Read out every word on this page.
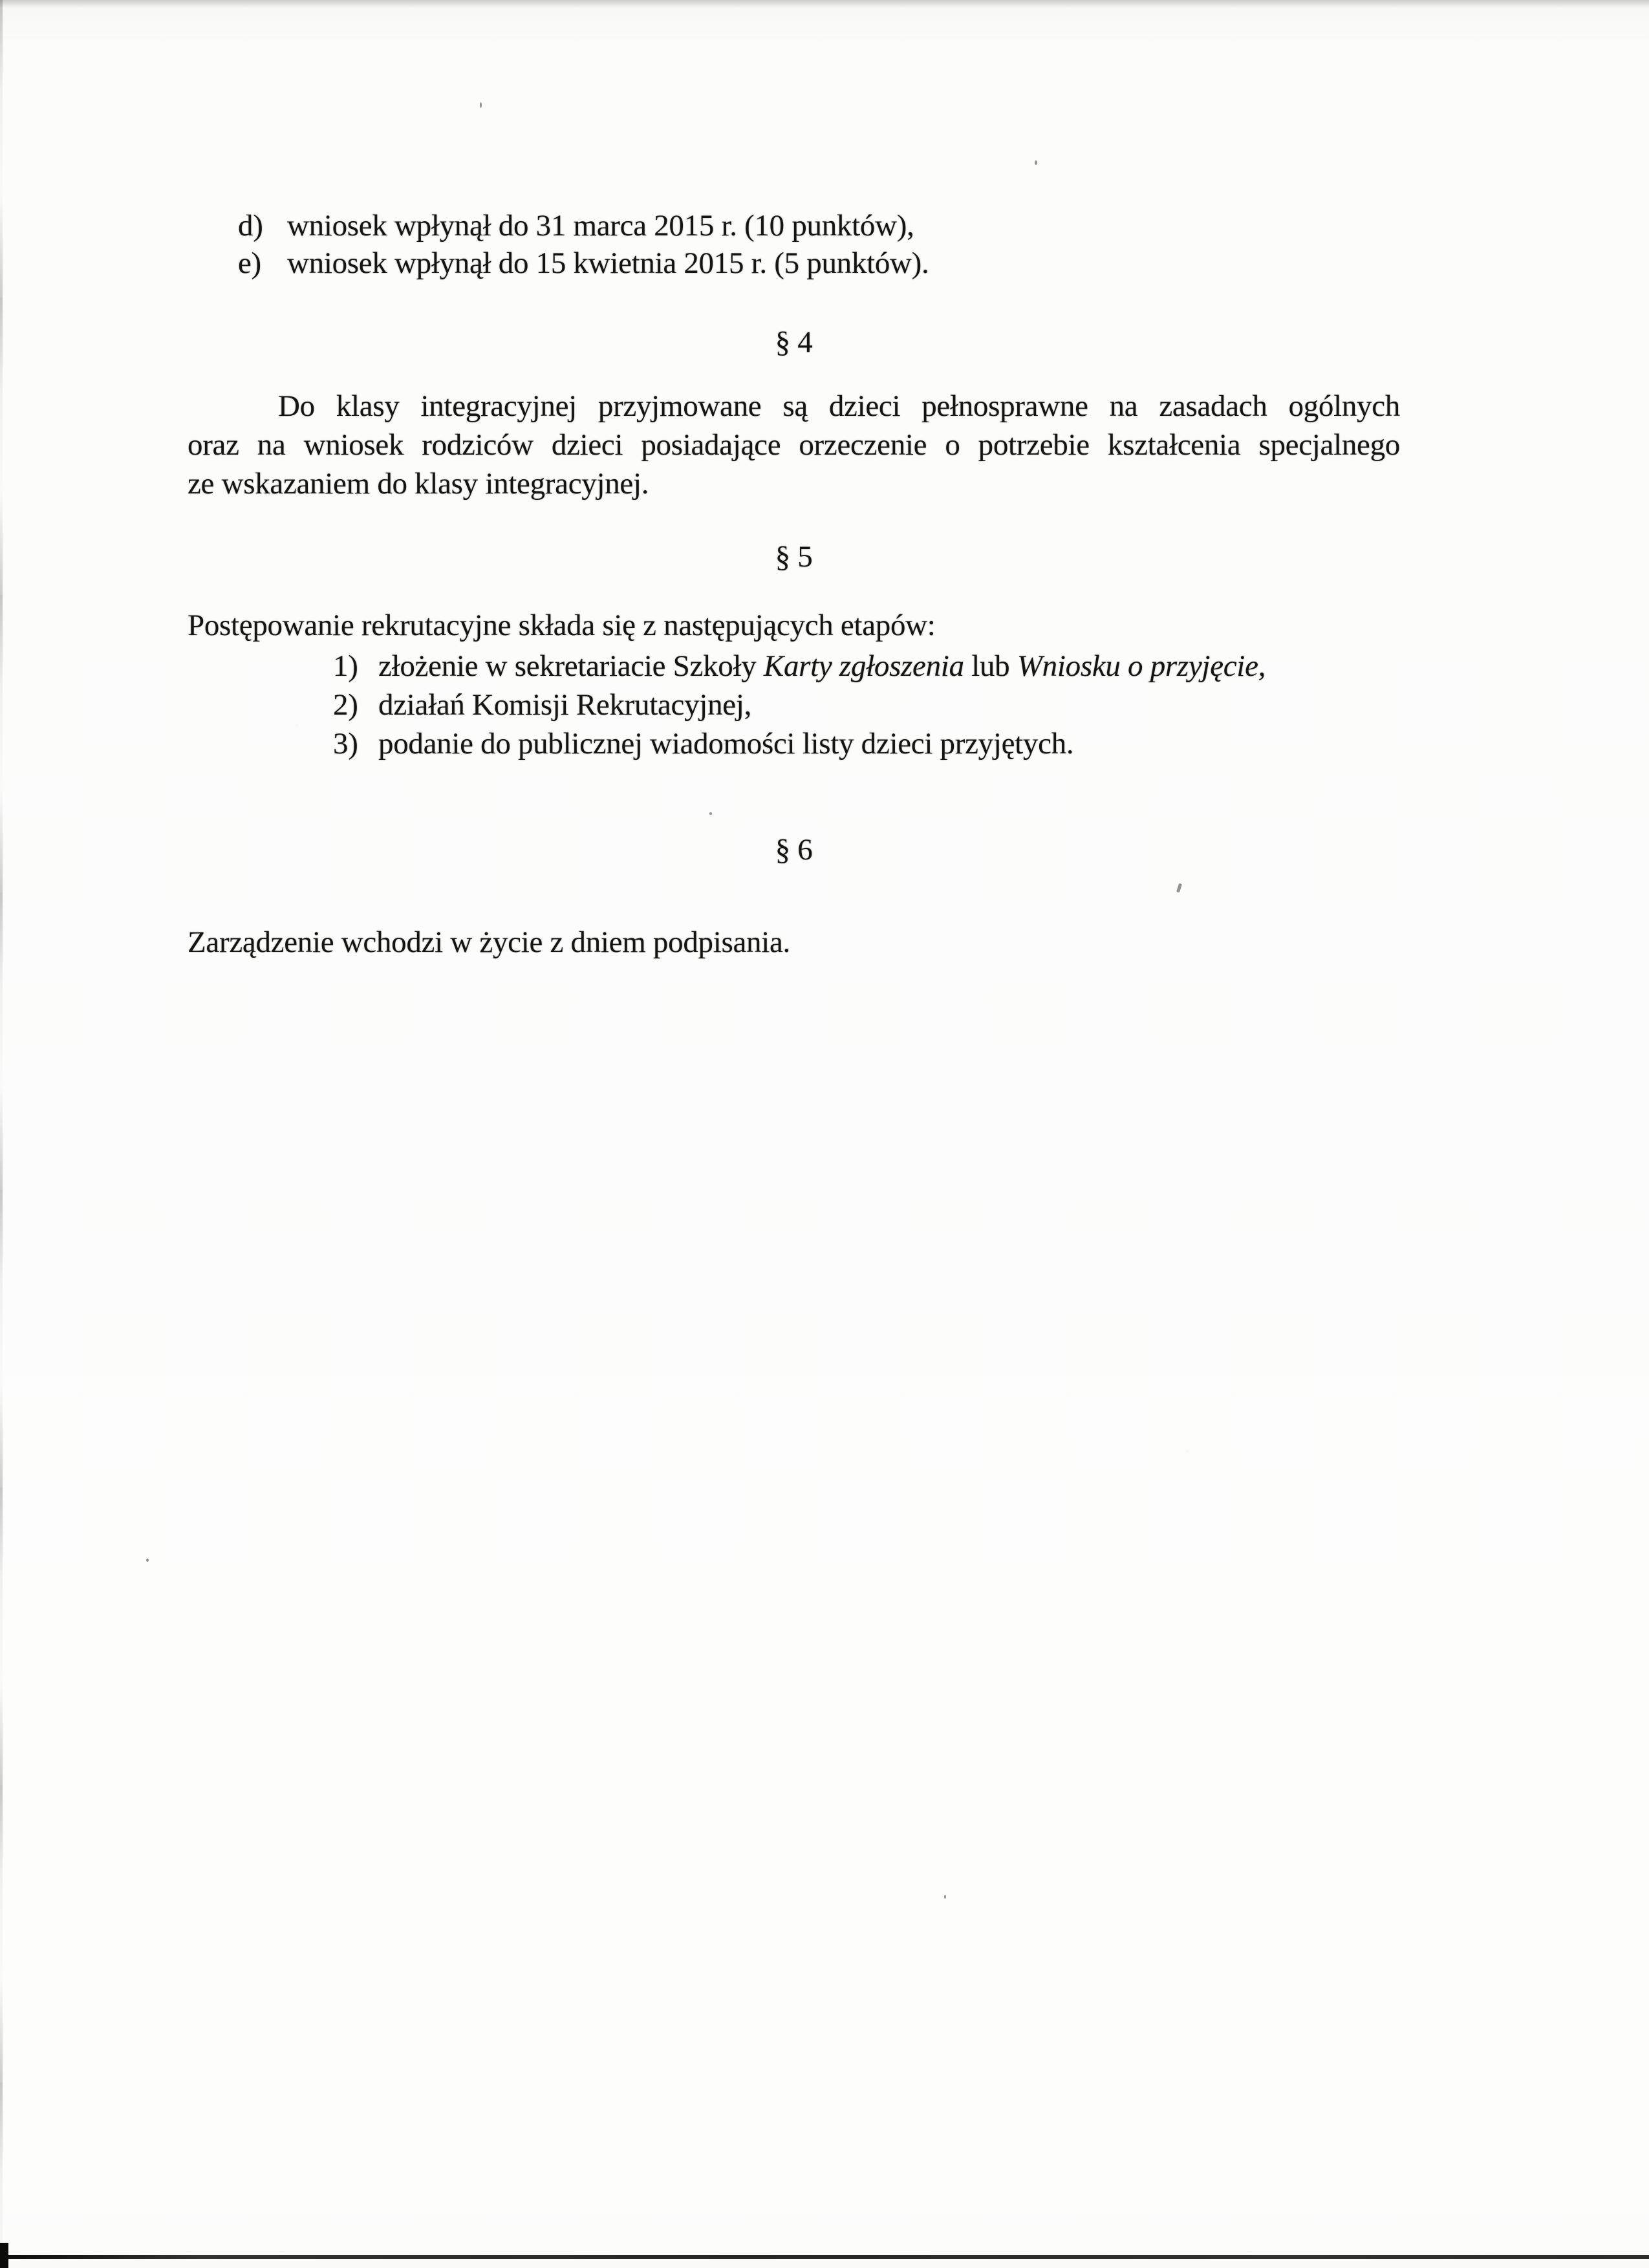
d) wniosek wpłynął do 31 marca 2015 r. (10 punktów),
e) wniosek wpłynął do 15 kwietnia 2015 r. (5 punktów).
§ 4
Do klasy integracyjnej przyjmowane są dzieci pełnosprawne na zasadach ogólnych
oraz na wniosek rodziców dzieci posiadające orzeczenie o potrzebie kształcenia specjalnego
ze wskazaniem do klasy integracyjnej.
§ 5
Postępowanie rekrutacyjne składa się z następujących etapów:
1) złożenie w sekretariacie Szkoły Karty zgłoszenia lub Wniosku o przyjęcie,
2) działań Komisji Rekrutacyjnej,
3) podanie do publicznej wiadomości listy dzieci przyjętych.
§ 6
Zarządzenie wchodzi w życie z dniem podpisania.
